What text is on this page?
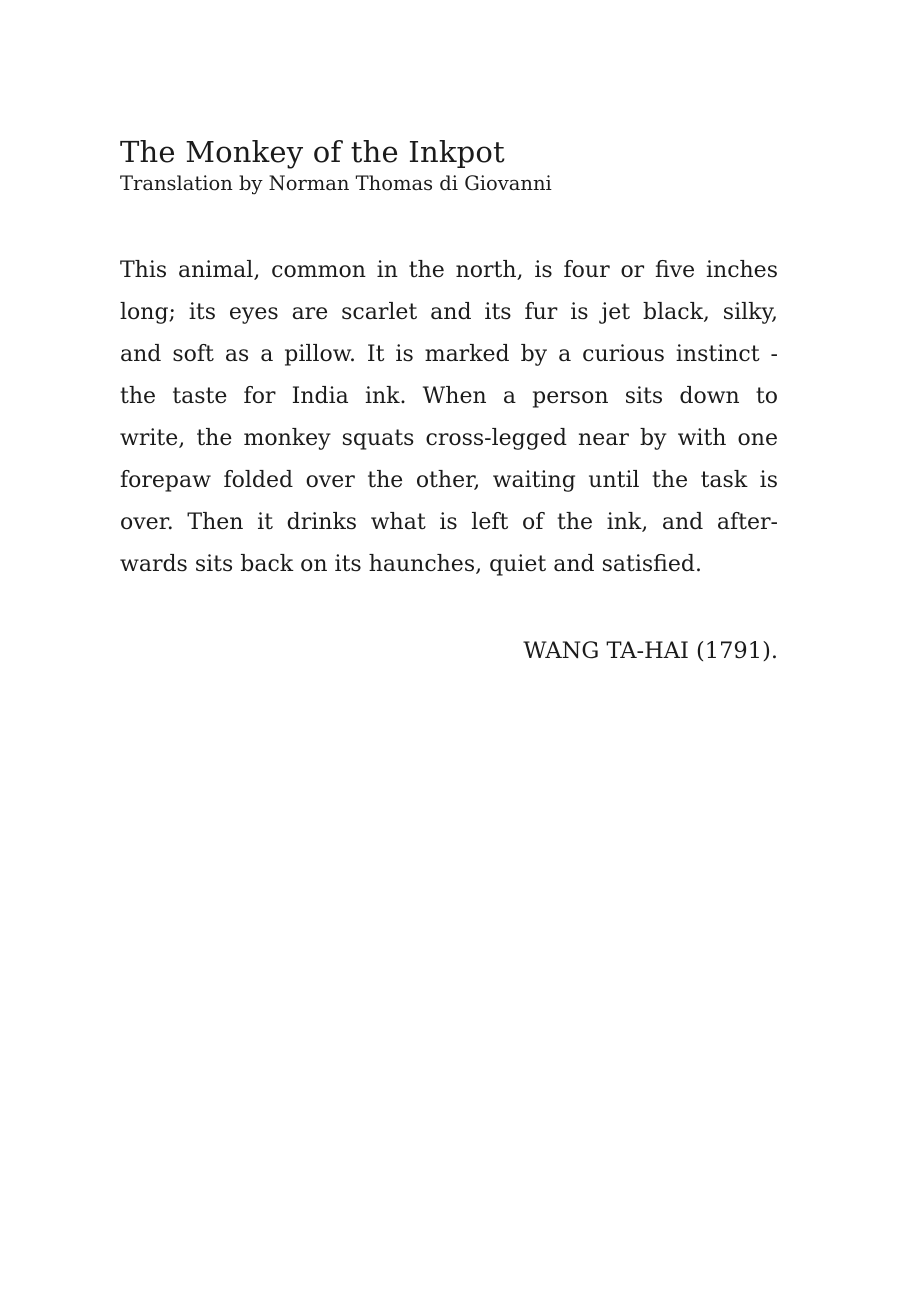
The Monkey of the Inkpot
Translation by Norman Thomas di Giovanni
This animal, common in the north, is four or five inches
long; its eyes are scarlet and its fur is jet black, silky,
and soft as a pillow. It is marked by a curious instinct -
the taste for India ink. When a person sits down to
write, the monkey squats cross-legged near by with one
forepaw folded over the other, waiting until the task is
over. Then it drinks what is left of the ink, and after-
wards sits back on its haunches, quiet and satisfied.
WANG TA-HAI (1791).
